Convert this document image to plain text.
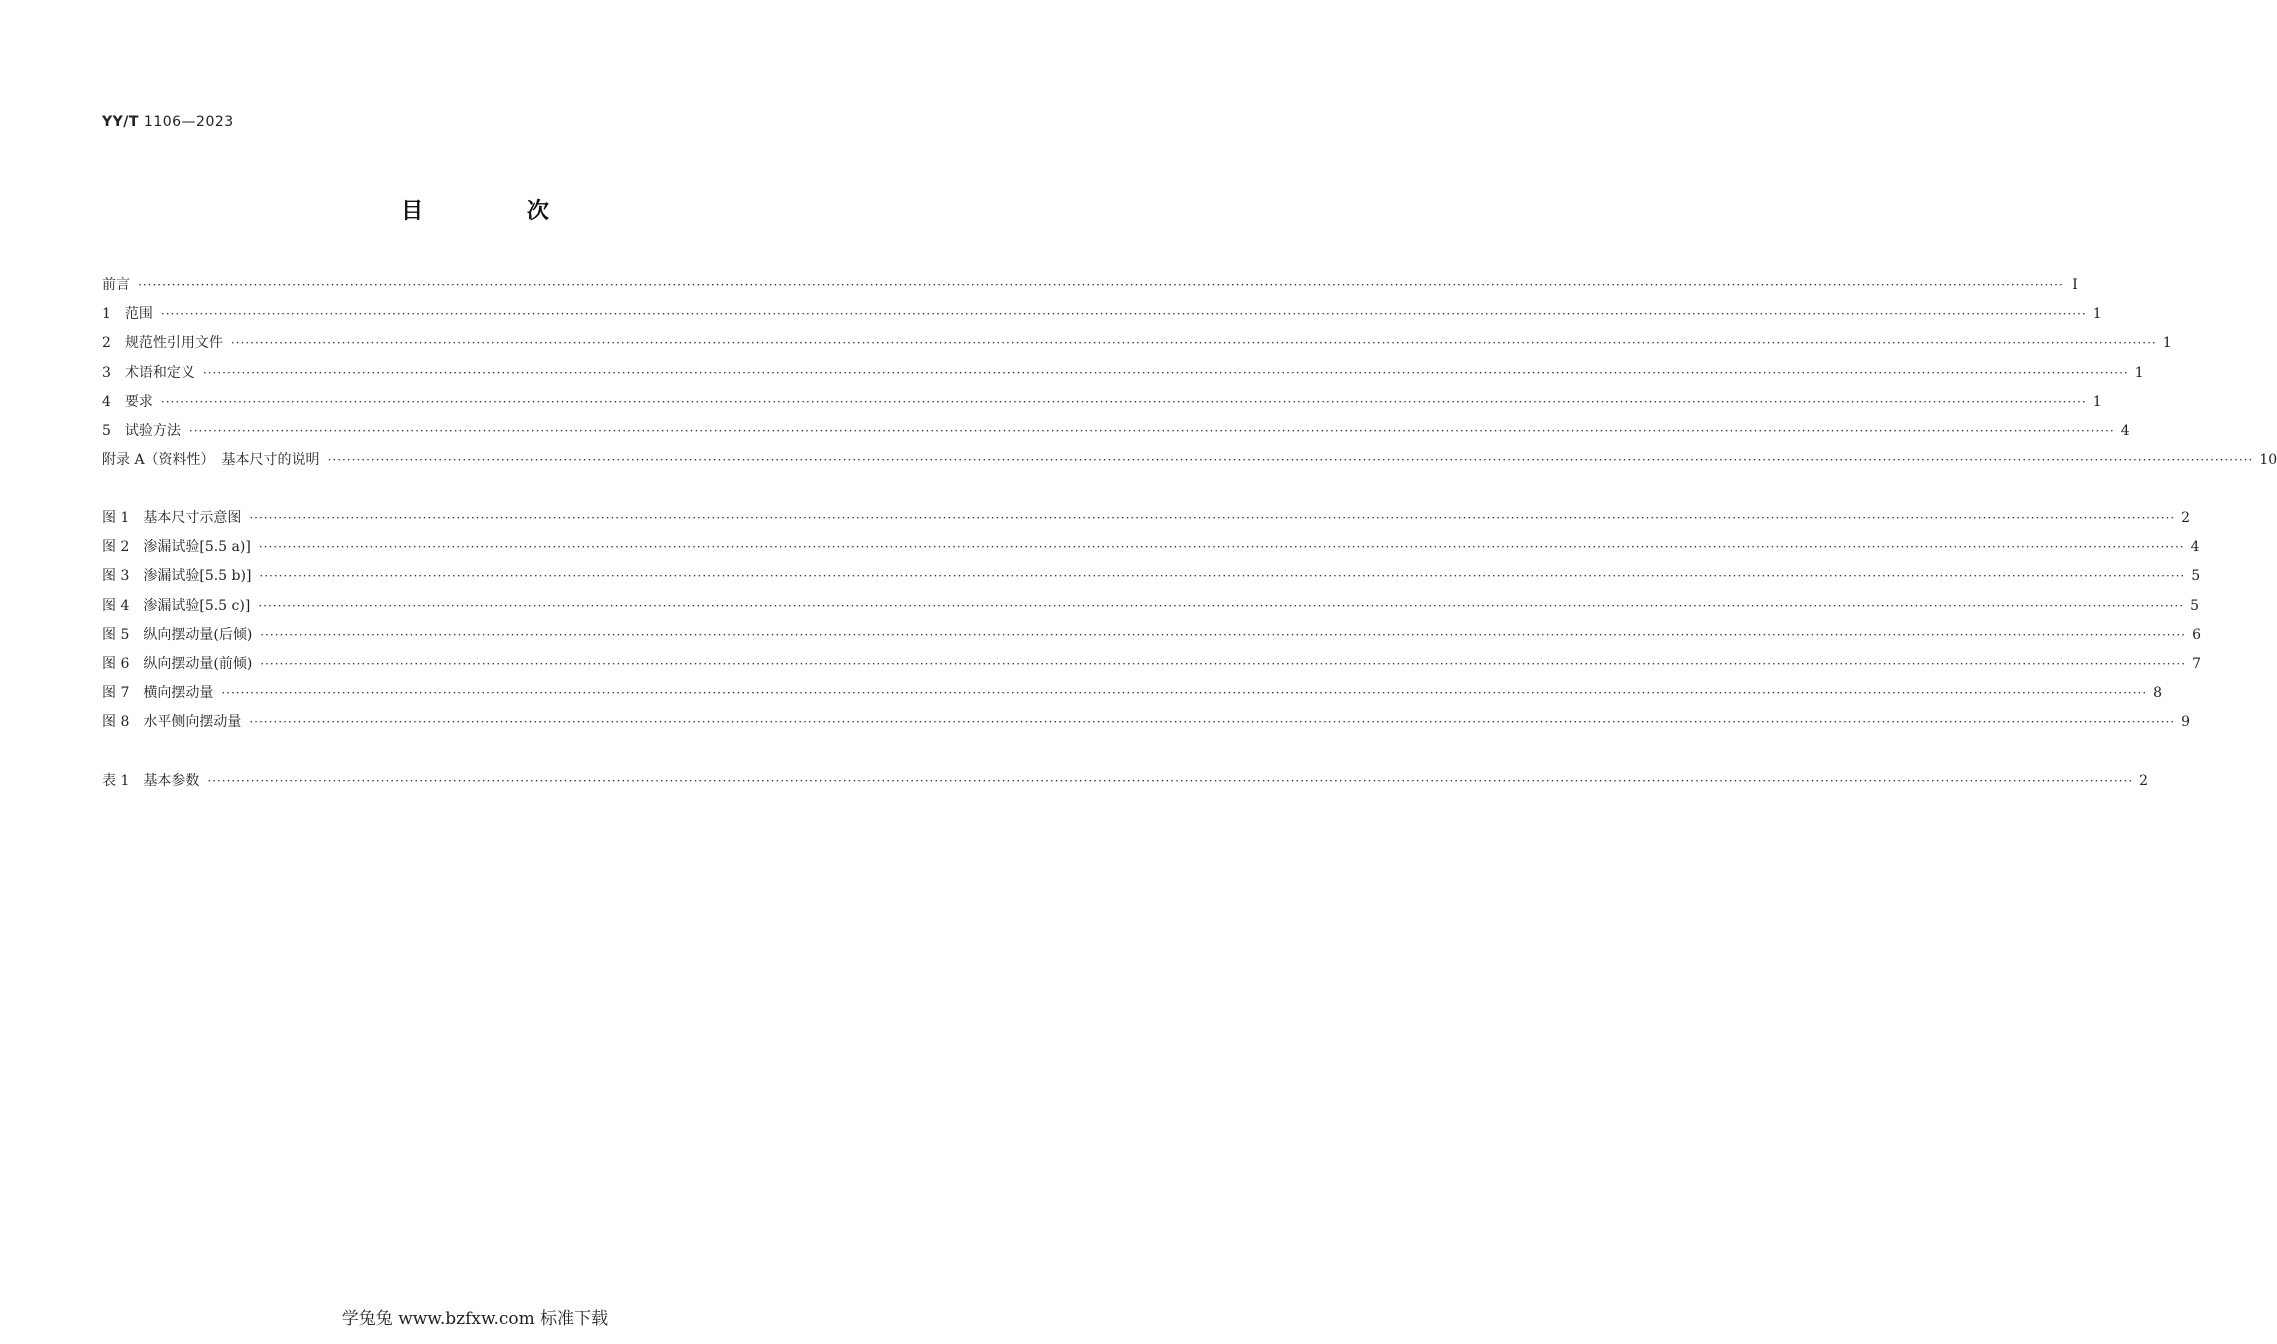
YY/T 1106—2023
目 次
前言 ················································································································································································································································································································································································································ Ⅰ
1　范围 ················································································································································································································································································································································································································ 1
2　规范性引用文件 ················································································································································································································································································································································································································ 1
3　术语和定义 ················································································································································································································································································································································································································ 1
4　要求 ················································································································································································································································································································································································································ 1
5　试验方法 ················································································································································································································································································································································································································ 4
附录 A（资料性）　基本尺寸的说明 ················································································································································································································································································································································································································ 10
图 1　基本尺寸示意图 ················································································································································································································································································································································································································ 2
图 2　渗漏试验[5.5 a)] ················································································································································································································································································································································································································ 4
图 3　渗漏试验[5.5 b)] ················································································································································································································································································································································································································ 5
图 4　渗漏试验[5.5 c)] ················································································································································································································································································································································································································ 5
图 5　纵向摆动量(后倾) ················································································································································································································································································································································································································ 6
图 6　纵向摆动量(前倾) ················································································································································································································································································································································································································ 7
图 7　横向摆动量 ················································································································································································································································································································································································································ 8
图 8　水平侧向摆动量 ················································································································································································································································································································································································································ 9
表 1　基本参数 ················································································································································································································································································································································································································ 2
学兔兔 www.bzfxw.com 标准下载
